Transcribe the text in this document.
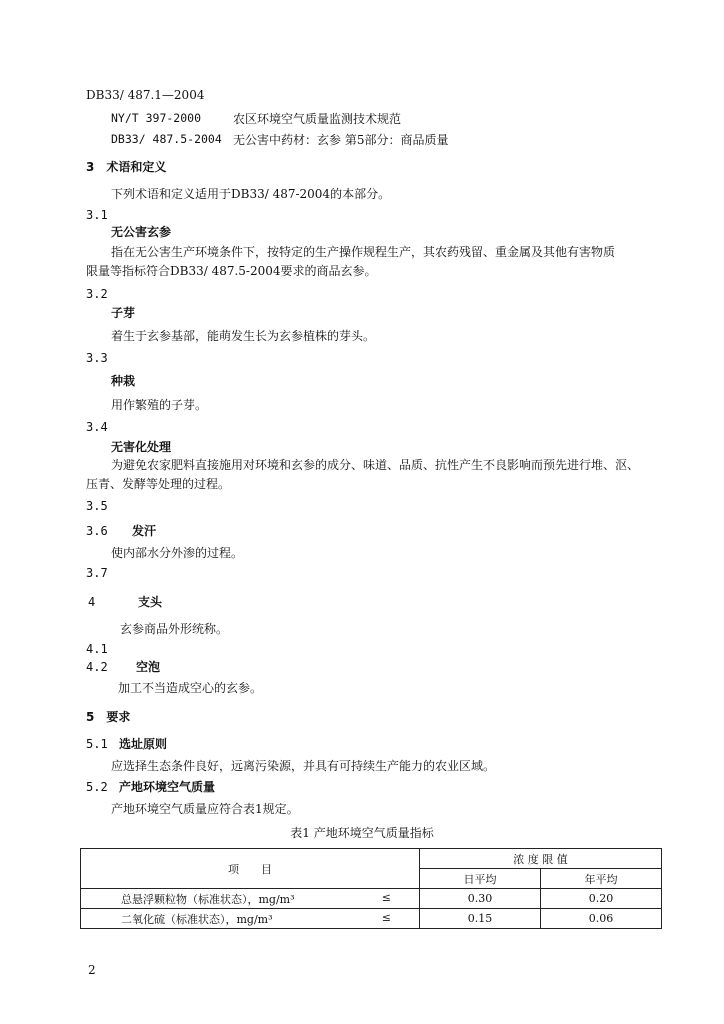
DB33/ 487.1—2004
NY/T 397-2000	农区环境空气质量监测技术规范
DB33/ 487.5-2004 无公害中药材：玄参 第5部分：商品质量
3　术语和定义
下列术语和定义适用于DB33/ 487-2004的本部分。
3.1
无公害玄参
指在无公害生产环境条件下，按特定的生产操作规程生产，其农药残留、重金属及其他有害物质
限量等指标符合DB33/ 487.5-2004要求的商品玄参。
3.2
子芽
着生于玄参基部，能萌发生长为玄参植株的芽头。
3.3
种栽
用作繁殖的子芽。
3.4
无害化处理
为避免农家肥料直接施用对环境和玄参的成分、味道、品质、抗性产生不良影响而预先进行堆、沤、
压青、发酵等处理的过程。
3.5
3.6 发汗
使内部水分外渗的过程。
3.7
4	支头
玄参商品外形统称。
4.1
4.2 空泡
加工不当造成空心的玄参。
5　要求
5.1 选址原则
应选择生态条件良好，远离污染源，并具有可持续生产能力的农业区域。
5.2 产地环境空气质量
产地环境空气质量应符合表1规定。
表1 产地环境空气质量指标
项　　目	浓 度 限 值	
	日平均	年平均
总悬浮颗粒物（标准状态），mg/m³ ≤	0.30	0.20
二氧化硫（标准状态），mg/m³ ≤	0.15	0.06
2
